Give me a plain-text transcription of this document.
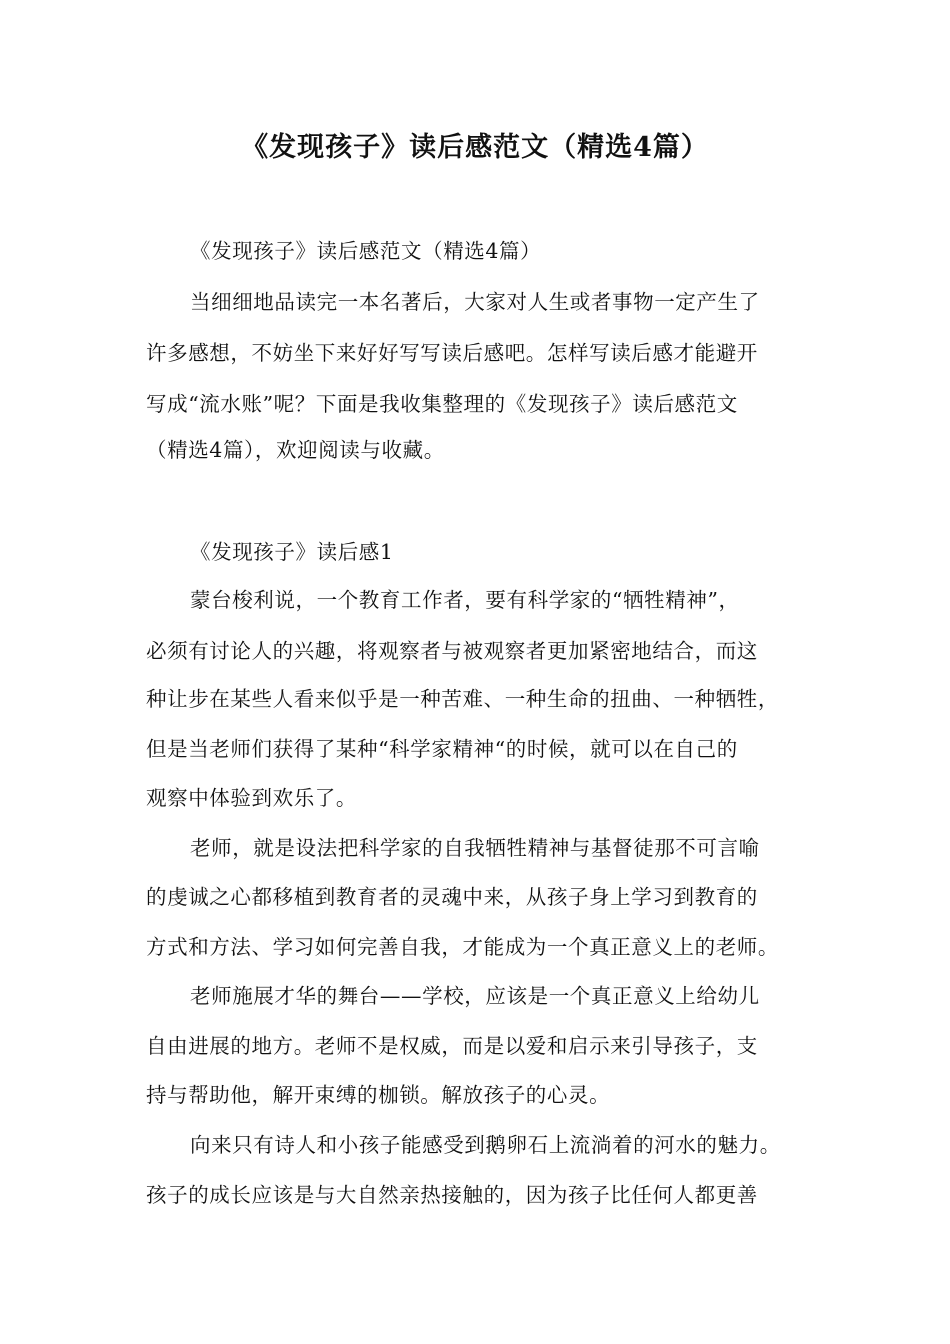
《发现孩子》读后感范文（精选4篇）
《发现孩子》读后感范文（精选4篇）
当细细地品读完一本名著后，大家对人生或者事物一定产生了
许多感想，不妨坐下来好好写写读后感吧。怎样写读后感才能避开
写成“流水账”呢？下面是我收集整理的《发现孩子》读后感范文
（精选4篇），欢迎阅读与收藏。
《发现孩子》读后感1
蒙台梭利说，一个教育工作者，要有科学家的“牺牲精神”，
必须有讨论人的兴趣，将观察者与被观察者更加紧密地结合，而这
种让步在某些人看来似乎是一种苦难、一种生命的扭曲、一种牺牲，
但是当老师们获得了某种“科学家精神“的时候，就可以在自己的
观察中体验到欢乐了。
老师，就是设法把科学家的自我牺牲精神与基督徒那不可言喻
的虔诚之心都移植到教育者的灵魂中来，从孩子身上学习到教育的
方式和方法、学习如何完善自我，才能成为一个真正意义上的老师。
老师施展才华的舞台——学校，应该是一个真正意义上给幼儿
自由进展的地方。老师不是权威，而是以爱和启示来引导孩子，支
持与帮助他，解开束缚的枷锁。解放孩子的心灵。
向来只有诗人和小孩子能感受到鹅卵石上流淌着的河水的魅力。
孩子的成长应该是与大自然亲热接触的，因为孩子比任何人都更善
